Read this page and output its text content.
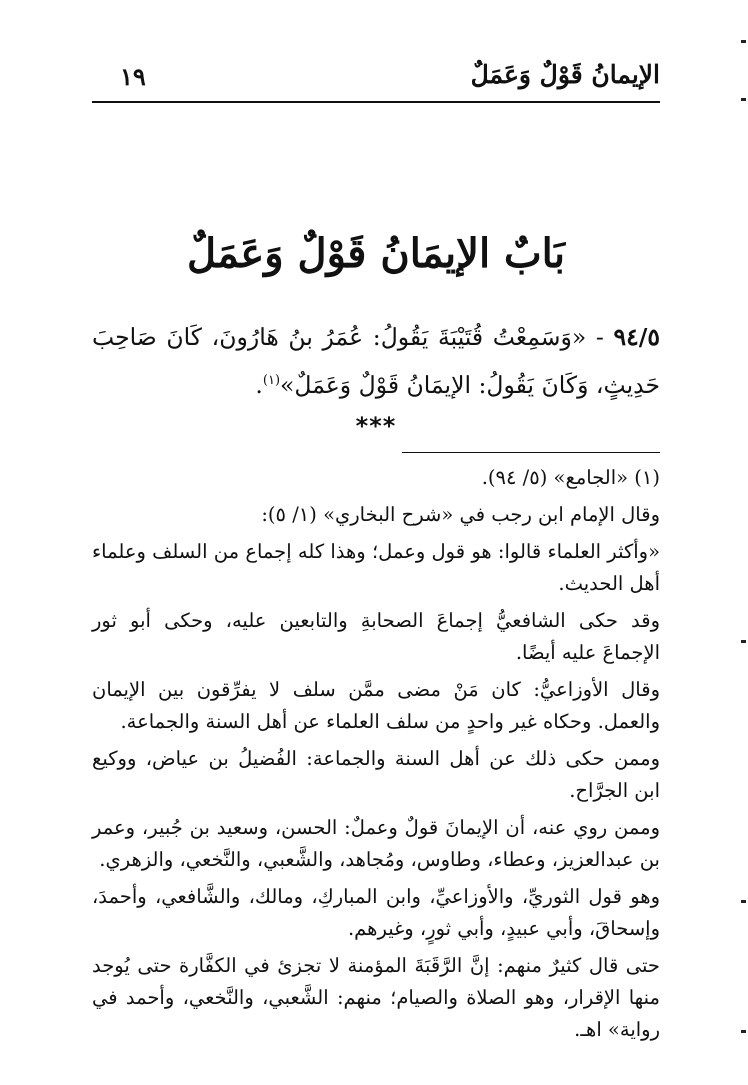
الإيمانُ قَوْلٌ وَعَمَلٌ
١٩
بَابٌ الإيمَانُ قَوْلٌ وَعَمَلٌ
٩٤/٥ - «وَسَمِعْتُ قُتَيْبَةَ يَقُولُ: عُمَرُ بنُ هَارُونَ، كَانَ صَاحِبَ حَدِيثٍ، وَكَانَ يَقُولُ: الإيمَانُ قَوْلٌ وَعَمَلٌ»$^{(١)}$.
***

(١) «الجامع» (٥/ ٩٤).

وقال الإمام ابن رجب في «شرح البخاري» (١/ ٥):

«وأكثر العلماء قالوا: هو قول وعمل؛ وهذا كله إجماع من السلف وعلماء أهل الحديث.

وقد حكى الشافعيُّ إجماعَ الصحابةِ والتابعين عليه، وحكى أبو ثور الإجماعَ عليه أيضًا.

وقال الأوزاعيُّ: كان مَنْ مضى ممَّن سلف لا يفرِّقون بين الإيمان والعمل. وحكاه غير واحدٍ من سلف العلماء عن أهل السنة والجماعة.

وممن حكى ذلك عن أهل السنة والجماعة: الفُضيلُ بن عياض، ووكيع ابن الجرَّاح.

وممن روي عنه، أن الإيمانَ قولٌ وعملٌ: الحسن، وسعيد بن جُبير، وعمر بن عبدالعزيز، وعطاء، وطاوس، ومُجاهد، والشَّعبي، والنَّخعي، والزهري.

وهو قول الثوريِّ، والأوزاعيِّ، وابن المباركِ، ومالك، والشَّافعي، وأحمدَ، وإسحاقَ، وأبي عبيدٍ، وأبي ثورٍ، وغيرهم.

حتى قال كثيرٌ منهم: إنَّ الرَّقَبَةَ المؤمنة لا تجزئ في الكفَّارة حتى يُوجد منها الإقرار، وهو الصلاة والصيام؛ منهم: الشَّعبي، والنَّخعي، وأحمد في رواية» اهـ.
